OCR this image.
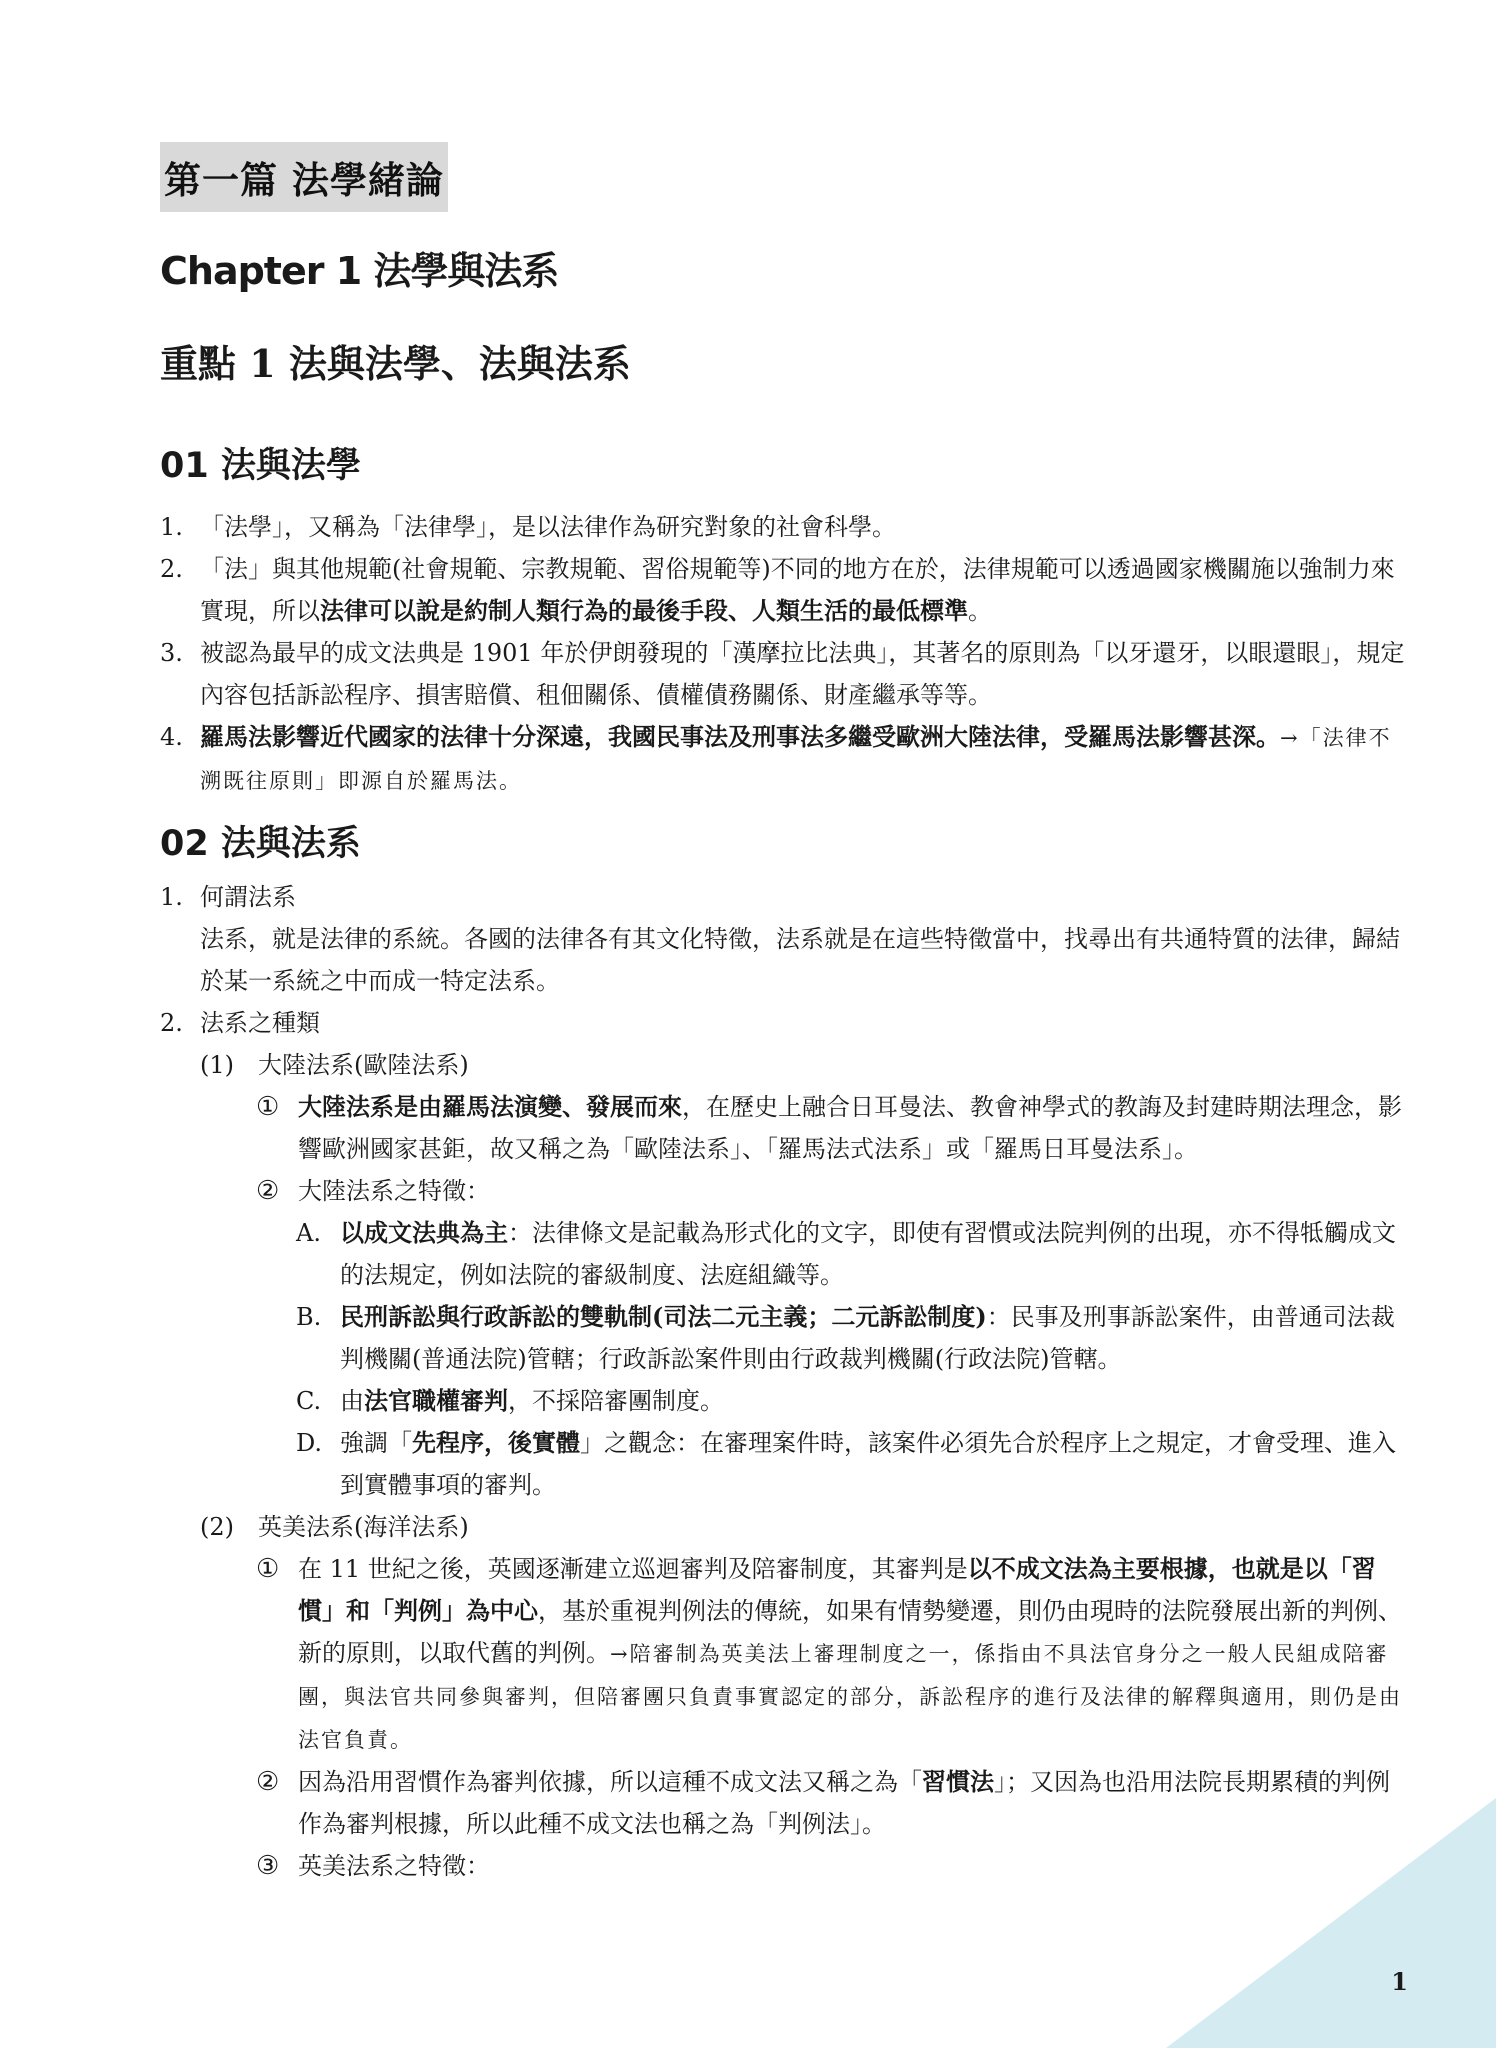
1
第一篇 法學緒論
Chapter 1 法學與法系
重點 1 法與法學、法與法系
01 法與法學
1. 「法學」，又稱為「法律學」，是以法律作為研究對象的社會科學。
2. 「法」與其他規範(社會規範、宗教規範、習俗規範等)不同的地方在於，法律規範可以透過國家機關施以強制力來實現，所以法律可以說是約制人類行為的最後手段、人類生活的最低標準。
3. 被認為最早的成文法典是 1901 年於伊朗發現的「漢摩拉比法典」，其著名的原則為「以牙還牙，以眼還眼」，規定內容包括訴訟程序、損害賠償、租佃關係、債權債務關係、財產繼承等等。
4. 羅馬法影響近代國家的法律十分深遠，我國民事法及刑事法多繼受歐洲大陸法律，受羅馬法影響甚深。→「法律不溯既往原則」即源自於羅馬法。
02 法與法系
1. 何謂法系
法系，就是法律的系統。各國的法律各有其文化特徵，法系就是在這些特徵當中，找尋出有共通特質的法律，歸結於某一系統之中而成一特定法系。
2. 法系之種類
(1) 大陸法系(歐陸法系)
① 大陸法系是由羅馬法演變、發展而來，在歷史上融合日耳曼法、教會神學式的教誨及封建時期法理念，影響歐洲國家甚鉅，故又稱之為「歐陸法系」、「羅馬法式法系」或「羅馬日耳曼法系」。
② 大陸法系之特徵：
A. 以成文法典為主：法律條文是記載為形式化的文字，即使有習慣或法院判例的出現，亦不得牴觸成文的法規定，例如法院的審級制度、法庭組織等。
B. 民刑訴訟與行政訴訟的雙軌制(司法二元主義；二元訴訟制度)：民事及刑事訴訟案件，由普通司法裁判機關(普通法院)管轄；行政訴訟案件則由行政裁判機關(行政法院)管轄。
C. 由法官職權審判，不採陪審團制度。
D. 強調「先程序，後實體」之觀念：在審理案件時，該案件必須先合於程序上之規定，才會受理、進入到實體事項的審判。
(2) 英美法系(海洋法系)
① 在 11 世紀之後，英國逐漸建立巡迴審判及陪審制度，其審判是以不成文法為主要根據，也就是以「習慣」和「判例」為中心，基於重視判例法的傳統，如果有情勢變遷，則仍由現時的法院發展出新的判例、新的原則，以取代舊的判例。→陪審制為英美法上審理制度之一，係指由不具法官身分之一般人民組成陪審團，與法官共同參與審判，但陪審團只負責事實認定的部分，訴訟程序的進行及法律的解釋與適用，則仍是由法官負責。
② 因為沿用習慣作為審判依據，所以這種不成文法又稱之為「習慣法」；又因為也沿用法院長期累積的判例作為審判根據，所以此種不成文法也稱之為「判例法」。
③ 英美法系之特徵：
